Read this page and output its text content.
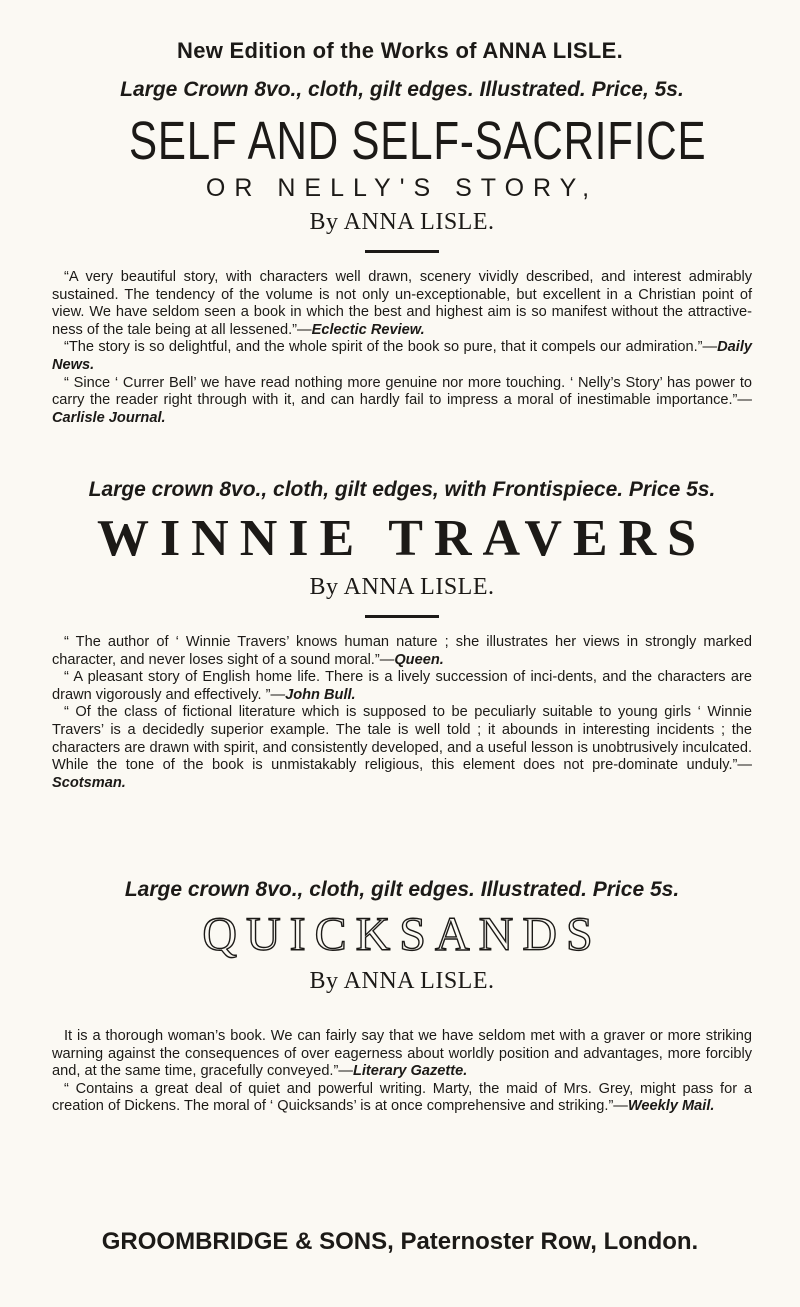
New Edition of the Works of ANNA LISLE.

Large Crown 8vo., cloth, gilt edges. Illustrated. Price, 5s.

SELF AND SELF-SACRIFICE
OR NELLY'S STORY,
By ANNA LISLE.

“A very beautiful story, with characters well drawn, scenery vividly described, and interest admirably sustained. The tendency of the volume is not only un-exceptionable, but excellent in a Christian point of view. We have seldom seen a book in which the best and highest aim is so manifest without the attractive-ness of the tale being at all lessened.”—Eclectic Review.

“The story is so delightful, and the whole spirit of the book so pure, that it compels our admiration.”—Daily News.

“ Since ‘ Currer Bell’ we have read nothing more genuine nor more touching. ‘ Nelly’s Story’ has power to carry the reader right through with it, and can hardly fail to impress a moral of inestimable importance.”—Carlisle Journal.

Large crown 8vo., cloth, gilt edges, with Frontispiece. Price 5s.

WINNIE TRAVERS
By ANNA LISLE.

“ The author of ‘ Winnie Travers’ knows human nature ; she illustrates her views in strongly marked character, and never loses sight of a sound moral.”—Queen.

“ A pleasant story of English home life. There is a lively succession of inci-dents, and the characters are drawn vigorously and effectively. ”—John Bull.

“ Of the class of fictional literature which is supposed to be peculiarly suitable to young girls ‘ Winnie Travers’ is a decidedly superior example. The tale is well told ; it abounds in interesting incidents ; the characters are drawn with spirit, and consistently developed, and a useful lesson is unobtrusively inculcated. While the tone of the book is unmistakably religious, this element does not pre-dominate unduly.”—Scotsman.

Large crown 8vo., cloth, gilt edges. Illustrated. Price 5s.

QUICKSANDS
By ANNA LISLE.

It is a thorough woman’s book. We can fairly say that we have seldom met with a graver or more striking warning against the consequences of over eagerness about worldly position and advantages, more forcibly and, at the same time, gracefully conveyed.”—Literary Gazette.

“ Contains a great deal of quiet and powerful writing. Marty, the maid of Mrs. Grey, might pass for a creation of Dickens. The moral of ‘ Quicksands’ is at once comprehensive and striking.”—Weekly Mail.

GROOMBRIDGE & SONS, Paternoster Row, London.
